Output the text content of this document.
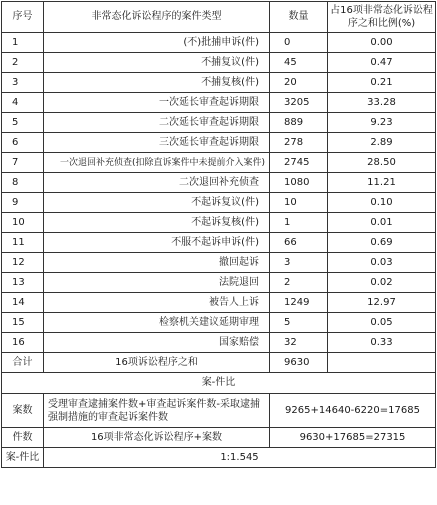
序号	非常态化诉讼程序的案件类型	数量	占16项非常态化诉讼程序之和比例(%)
1	(不)批捕申诉(件)	0	0.00
2	不捕复议(件)	45	0.47
3	不捕复核(件)	20	0.21
4	一次延长审查起诉期限	3205	33.28
5	二次延长审查起诉期限	889	9.23
6	三次延长审查起诉期限	278	2.89
7	一次退回补充侦查(扣除直诉案件中未提前介入案件)	2745	28.50
8	二次退回补充侦查	1080	11.21
9	不起诉复议(件)	10	0.10
10	不起诉复核(件)	1	0.01
11	不服不起诉申诉(件)	66	0.69
12	撤回起诉	3	0.03
13	法院退回	2	0.02
14	被告人上诉	1249	12.97
15	检察机关建议延期审理	5	0.05
16	国家赔偿	32	0.33
合计	16项诉讼程序之和	9630	
案-件比			
案数	受理审查逮捕案件数+审查起诉案件数-采取逮捕强制措施的审查起诉案件数	9265+14640-6220=17685	
件数	16项非常态化诉讼程序+案数	9630+17685=27315	
案-件比	1:1.545		
